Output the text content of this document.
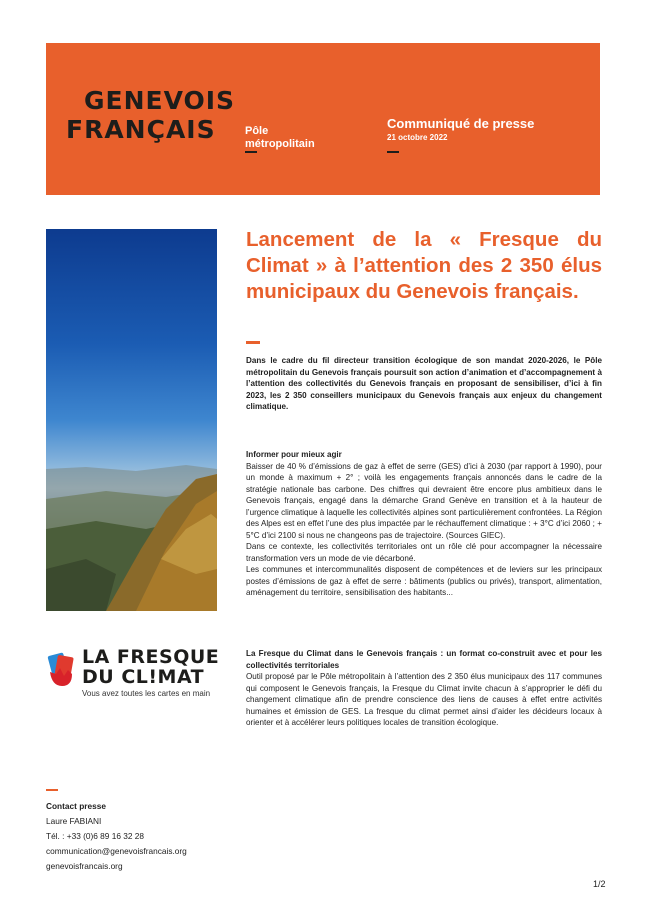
GENEVOIS
FRANÇAIS	Pôle
métropolitain
Communiqué de presse
21 octobre 2022
LA FRESQUE
DU CL!MAT
Vous avez toutes les cartes en main
Lancement de la « Fresque du Climat » à l’attention des 2 350 élus municipaux du Genevois français.
Dans le cadre du fil directeur transition écologique de son mandat 2020-2026, le Pôle métropolitain du Genevois français poursuit son action d’animation et d’accompagnement à l’attention des collectivités du Genevois français en proposant de sensibiliser, d’ici à fin 2023, les 2 350 conseillers municipaux du Genevois français aux enjeux du changement climatique.

Informer pour mieux agir

Baisser de 40 % d’émissions de gaz à effet de serre (GES) d’ici à 2030 (par rapport à 1990), pour un monde à maximum + 2° ; voilà les engagements français annoncés dans le cadre de la stratégie nationale bas carbone. Des chiffres qui devraient être encore plus ambitieux dans le Genevois français, engagé dans la démarche Grand Genève en transition et à la hauteur de l’urgence climatique à laquelle les collectivités alpines sont particulièrement confrontées. La Région des Alpes est en effet l’une des plus impactée par le réchauffement climatique : + 3°C d’ici 2060 ; + 5°C d’ici 2100 si nous ne changeons pas de trajectoire. (Sources GIEC).

Dans ce contexte, les collectivités territoriales ont un rôle clé pour accompagner la nécessaire transformation vers un mode de vie décarboné.

Les communes et intercommunalités disposent de compétences et de leviers sur les principaux postes d’émissions de gaz à effet de serre : bâtiments (publics ou privés), transport, alimentation, aménagement du territoire, sensibilisation des habitants...

La Fresque du Climat dans le Genevois français : un format co-construit avec et pour les collectivités territoriales

Outil proposé par le Pôle métropolitain à l’attention des 2 350 élus municipaux des 117 communes qui composent le Genevois français, la Fresque du Climat invite chacun à s’approprier le défi du changement climatique afin de prendre conscience des liens de causes à effet entre activités humaines et émission de GES. La fresque du climat permet ainsi d’aider les décideurs locaux à orienter et à accélérer leurs politiques locales de transition écologique.

Contact presse
Laure FABIANI
Tél. : +33 (0)6 89 16 32 28
communication@genevoisfrancais.org
genevoisfrancais.org
1/2
